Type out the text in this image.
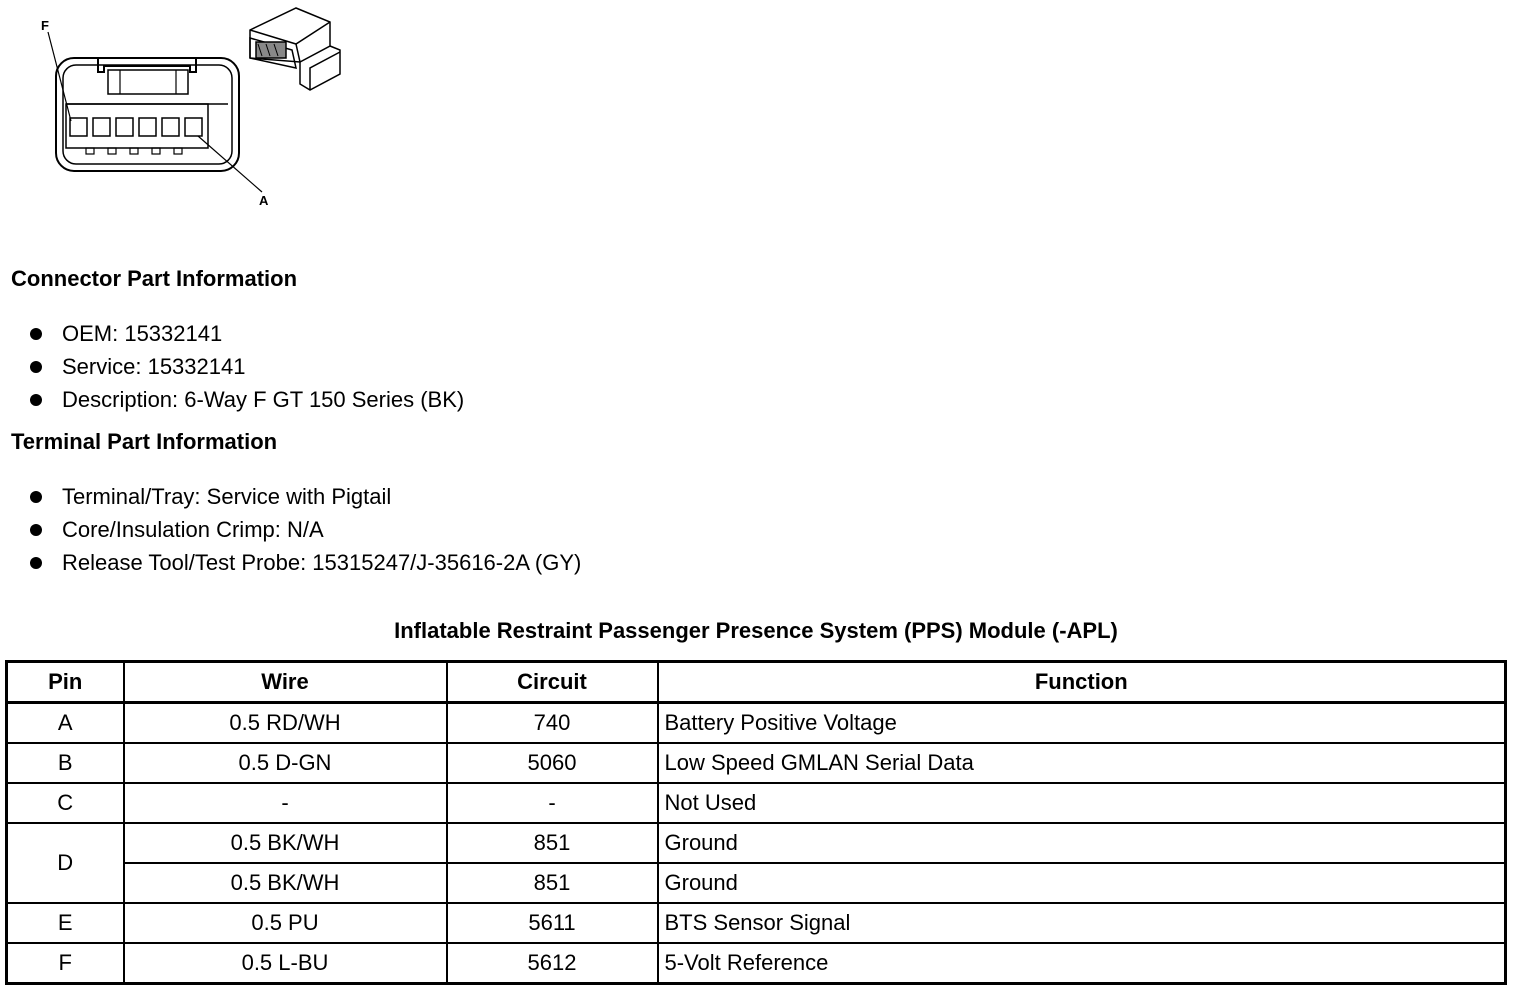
F
A
Connector Part Information
OEM: 15332141
Service: 15332141
Description: 6-Way F GT 150 Series (BK)
Terminal Part Information
Terminal/Tray: Service with Pigtail
Core/Insulation Crimp: N/A
Release Tool/Test Probe: 15315247/J-35616-2A (GY)
Inflatable Restraint Passenger Presence System (PPS) Module (-APL)
Pin	Wire	Circuit	Function
A	0.5 RD/WH	740	Battery Positive Voltage
B	0.5 D-GN	5060	Low Speed GMLAN Serial Data
C	-	-	Not Used
D	0.5 BK/WH	851	Ground
	0.5 BK/WH	851	Ground
E	0.5 PU	5611	BTS Sensor Signal
F	0.5 L-BU	5612	5-Volt Reference
